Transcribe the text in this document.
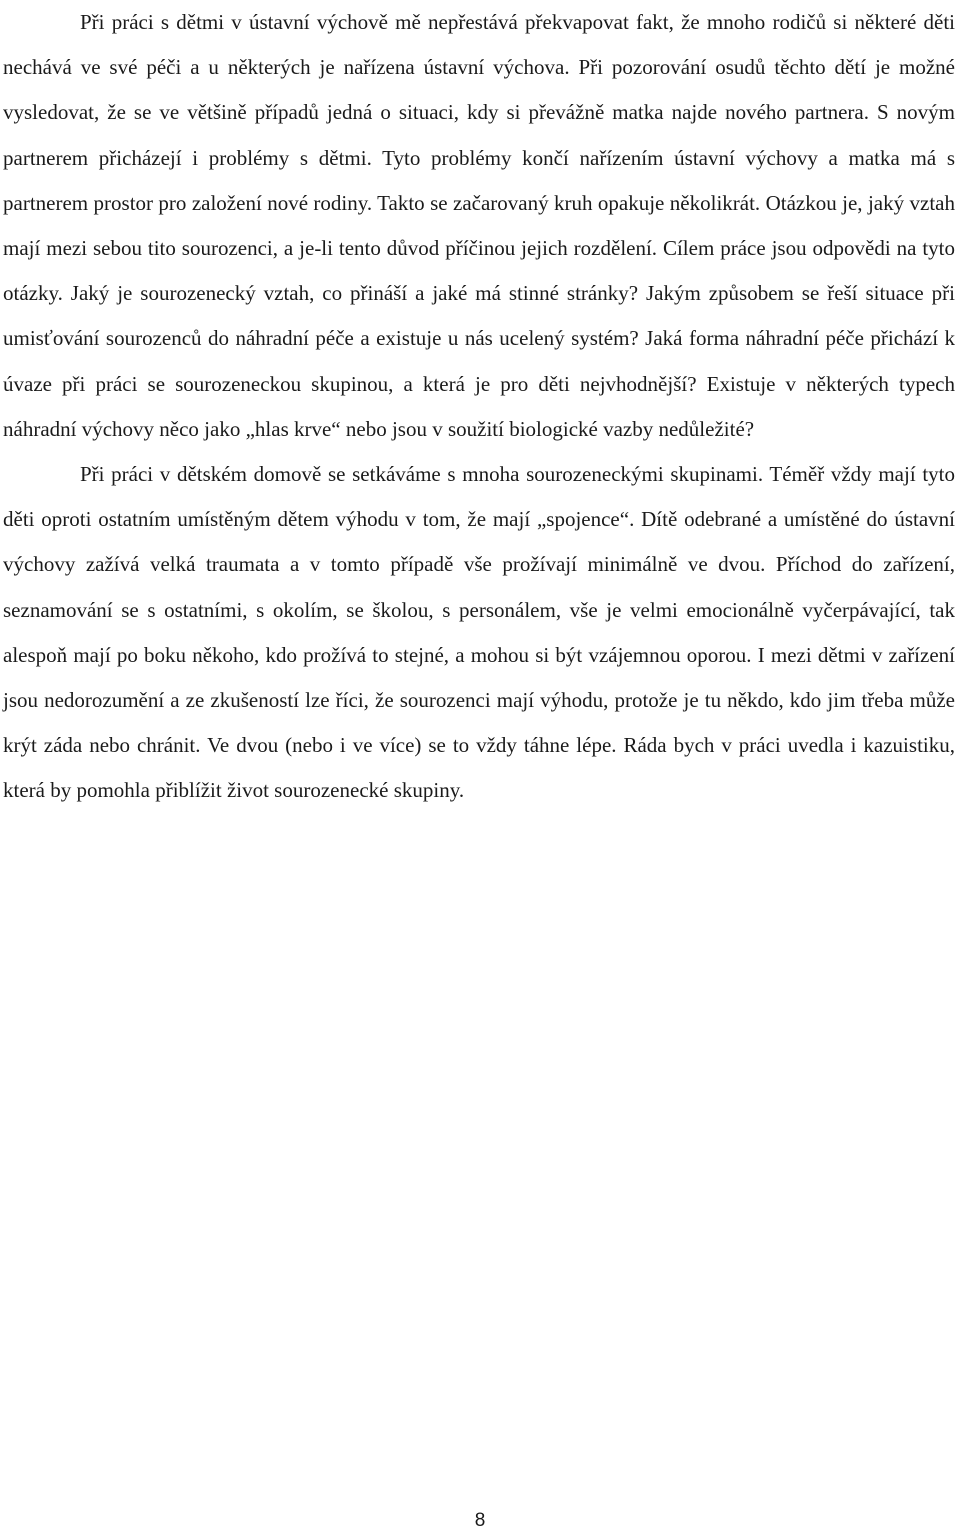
Při práci s dětmi v ústavní výchově mě nepřestává překvapovat fakt, že mnoho rodičů si některé děti nechává ve své péči a u některých je nařízena ústavní výchova. Při pozorování osudů těchto dětí je možné vysledovat, že se ve většině případů jedná o situaci, kdy si převážně matka najde nového partnera. S novým partnerem přicházejí i problémy s dětmi. Tyto problémy končí nařízením ústavní výchovy a matka má s partnerem prostor pro založení nové rodiny. Takto se začarovaný kruh opakuje několikrát. Otázkou je, jaký vztah mají mezi sebou tito sourozenci, a je-li tento důvod příčinou jejich rozdělení. Cílem práce jsou odpovědi na tyto otázky. Jaký je sourozenecký vztah, co přináší a jaké má stinné stránky? Jakým způsobem se řeší situace při umisťování sourozenců do náhradní péče a existuje u nás ucelený systém? Jaká forma náhradní péče přichází k úvaze při práci se sourozeneckou skupinou, a která je pro děti nejvhodnější? Existuje v některých typech náhradní výchovy něco jako „hlas krve“ nebo jsou v soužití biologické vazby nedůležité?

Při práci v dětském domově se setkáváme s mnoha sourozeneckými skupinami. Téměř vždy mají tyto děti oproti ostatním umístěným dětem výhodu v tom, že mají „spojence“. Dítě odebrané a umístěné do ústavní výchovy zažívá velká traumata a v tomto případě vše prožívají minimálně ve dvou. Příchod do zařízení, seznamování se s ostatními, s okolím, se školou, s personálem, vše je velmi emocionálně vyčerpávající, tak alespoň mají po boku někoho, kdo prožívá to stejné, a mohou si být vzájemnou oporou. I mezi dětmi v zařízení jsou nedorozumění a ze zkušeností lze říci, že sourozenci mají výhodu, protože je tu někdo, kdo jim třeba může krýt záda nebo chránit. Ve dvou (nebo i ve více) se to vždy táhne lépe. Ráda bych v práci uvedla i kazuistiku, která by pomohla přiblížit život sourozenecké skupiny.

8
